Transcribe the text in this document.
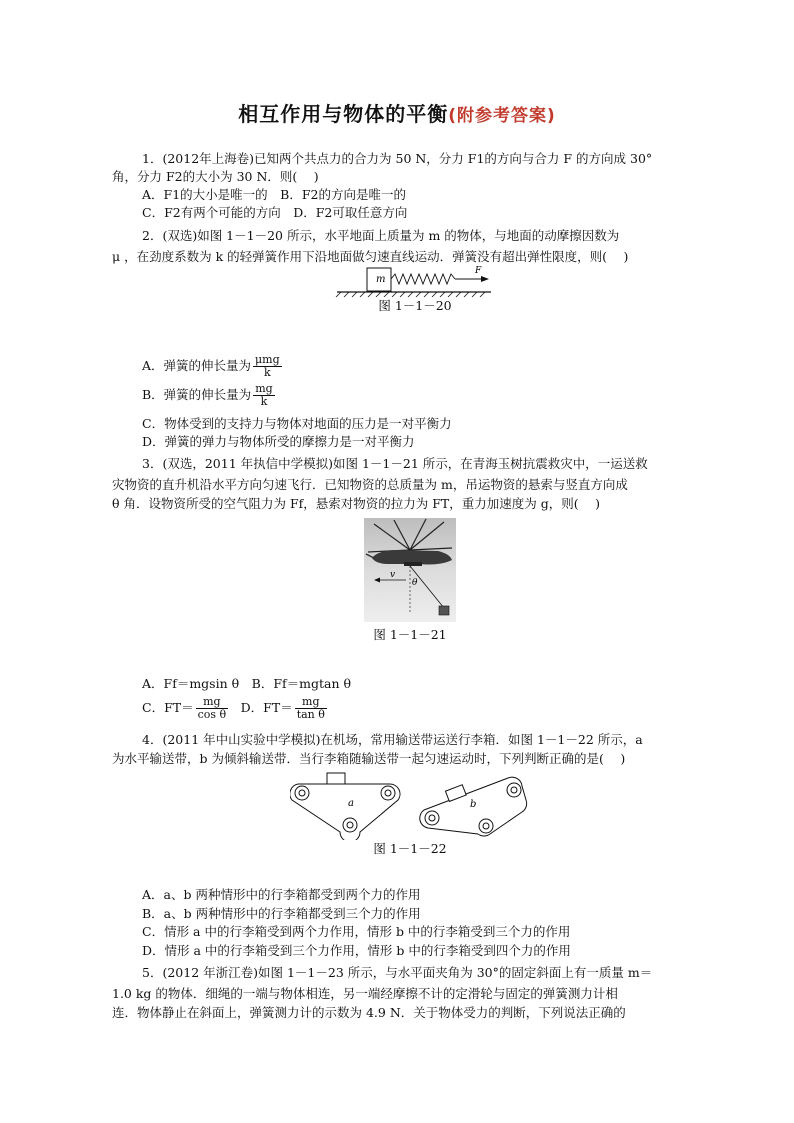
相互作用与物体的平衡(附参考答案)
1．(2012年上海卷)已知两个共点力的合力为 50 N，分力 F1的方向与合力 F 的方向成 30°
角，分力 F2的大小为 30 N．则(　 )
A．F1的大小是唯一的　B．F2的方向是唯一的
C．F2有两个可能的方向　D．F2可取任意方向
2．(双选)如图 1－1－20 所示，水平地面上质量为 m 的物体，与地面的动摩擦因数为
μ ，在劲度系数为 k 的轻弹簧作用下沿地面做匀速直线运动．弹簧没有超出弹性限度，则(　 )
m
F
图 1－1－20
A．弹簧的伸长量为 $\frac{\text{μmg}}{k}$
B．弹簧的伸长量为 $\frac{mg}{k}$
C．物体受到的支持力与物体对地面的压力是一对平衡力
D．弹簧的弹力与物体所受的摩擦力是一对平衡力
3．(双选，2011 年执信中学模拟)如图 1－1－21 所示，在青海玉树抗震救灾中，一运送救
灾物资的直升机沿水平方向匀速飞行．已知物资的总质量为 m，吊运物资的悬索与竖直方向成
θ 角．设物资所受的空气阻力为 Ff，悬索对物资的拉力为 FT，重力加速度为 g，则(　 )
v
θ
图 1－1－21
A．Ff＝mgsin θ　B．Ff＝mgtan θ
C．$FT= \frac{mg}{\text{cos θ}}$
　 D．$FT= \frac{mg}{\text{tan θ}}$
4．(2011 年中山实验中学模拟)在机场，常用输送带运送行李箱．如图 1－1－22 所示，a
为水平输送带，b 为倾斜输送带．当行李箱随输送带一起匀速运动时，下列判断正确的是(　 )
a	b
图 1－1－22
A．a、b 两种情形中的行李箱都受到两个力的作用
B．a、b 两种情形中的行李箱都受到三个力的作用
C．情形 a 中的行李箱受到两个力作用，情形 b 中的行李箱受到三个力的作用
D．情形 a 中的行李箱受到三个力作用，情形 b 中的行李箱受到四个力的作用
5．(2012 年浙江卷)如图 1－1－23 所示，与水平面夹角为 30°的固定斜面上有一质量 m＝
1.0 kg 的物体．细绳的一端与物体相连，另一端经摩擦不计的定滑轮与固定的弹簧测力计相
连．物体静止在斜面上，弹簧测力计的示数为 4.9 N．关于物体受力的判断，下列说法正确的
